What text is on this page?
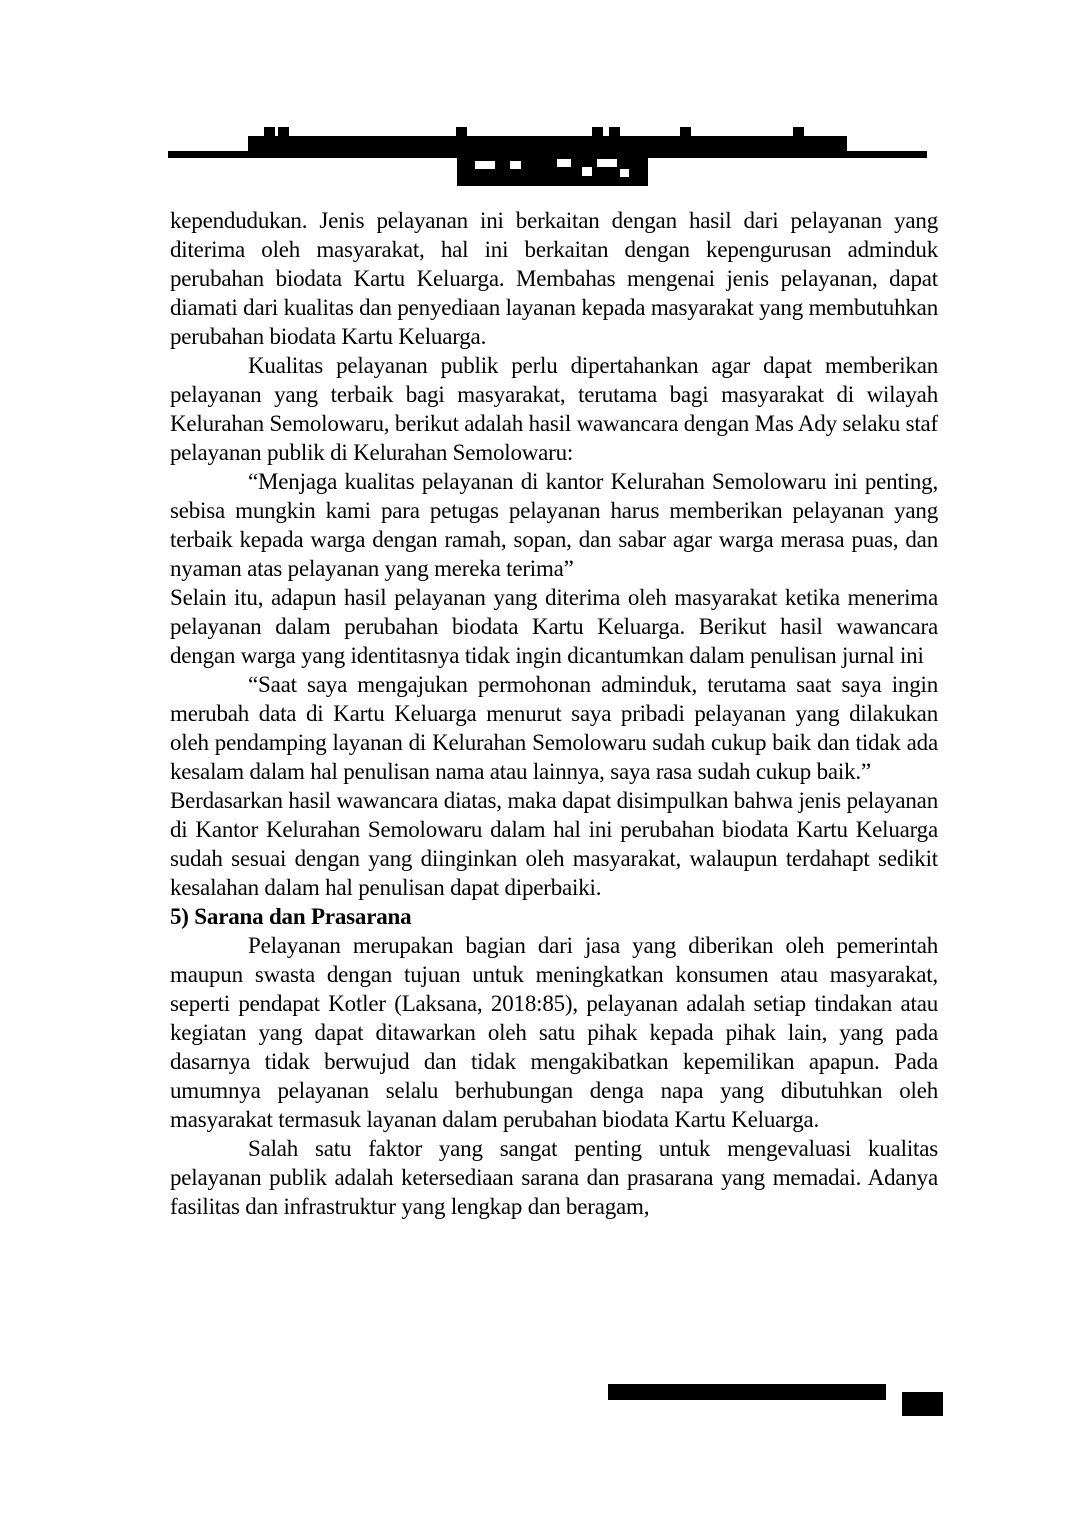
kependudukan. Jenis pelayanan ini berkaitan dengan hasil dari pelayanan yang diterima oleh masyarakat, hal ini berkaitan dengan kepengurusan adminduk perubahan biodata Kartu Keluarga. Membahas mengenai jenis pelayanan, dapat diamati dari kualitas dan penyediaan layanan kepada masyarakat yang membutuhkan perubahan biodata Kartu Keluarga.

Kualitas pelayanan publik perlu dipertahankan agar dapat memberikan pelayanan yang terbaik bagi masyarakat, terutama bagi masyarakat di wilayah Kelurahan Semolowaru, berikut adalah hasil wawancara dengan Mas Ady selaku staf pelayanan publik di Kelurahan Semolowaru:

“Menjaga kualitas pelayanan di kantor Kelurahan Semolowaru ini penting, sebisa mungkin kami para petugas pelayanan harus memberikan pelayanan yang terbaik kepada warga dengan ramah, sopan, dan sabar agar warga merasa puas, dan nyaman atas pelayanan yang mereka terima”

Selain itu, adapun hasil pelayanan yang diterima oleh masyarakat ketika menerima pelayanan dalam perubahan biodata Kartu Keluarga. Berikut hasil wawancara dengan warga yang identitasnya tidak ingin dicantumkan dalam penulisan jurnal ini

“Saat saya mengajukan permohonan adminduk, terutama saat saya ingin merubah data di Kartu Keluarga menurut saya pribadi pelayanan yang dilakukan oleh pendamping layanan di Kelurahan Semolowaru sudah cukup baik dan tidak ada kesalam dalam hal penulisan nama atau lainnya, saya rasa sudah cukup baik.”

Berdasarkan hasil wawancara diatas, maka dapat disimpulkan bahwa jenis pelayanan di Kantor Kelurahan Semolowaru dalam hal ini perubahan biodata Kartu Keluarga sudah sesuai dengan yang diinginkan oleh masyarakat, walaupun terdahapt sedikit kesalahan dalam hal penulisan dapat diperbaiki.

5) Sarana dan Prasarana

Pelayanan merupakan bagian dari jasa yang diberikan oleh pemerintah maupun swasta dengan tujuan untuk meningkatkan konsumen atau masyarakat, seperti pendapat Kotler (Laksana, 2018:85), pelayanan adalah setiap tindakan atau kegiatan yang dapat ditawarkan oleh satu pihak kepada pihak lain, yang pada dasarnya tidak berwujud dan tidak mengakibatkan kepemilikan apapun. Pada umumnya pelayanan selalu berhubungan denga napa yang dibutuhkan oleh masyarakat termasuk layanan dalam perubahan biodata Kartu Keluarga.

Salah satu faktor yang sangat penting untuk mengevaluasi kualitas pelayanan publik adalah ketersediaan sarana dan prasarana yang memadai. Adanya fasilitas dan infrastruktur yang lengkap dan beragam,
